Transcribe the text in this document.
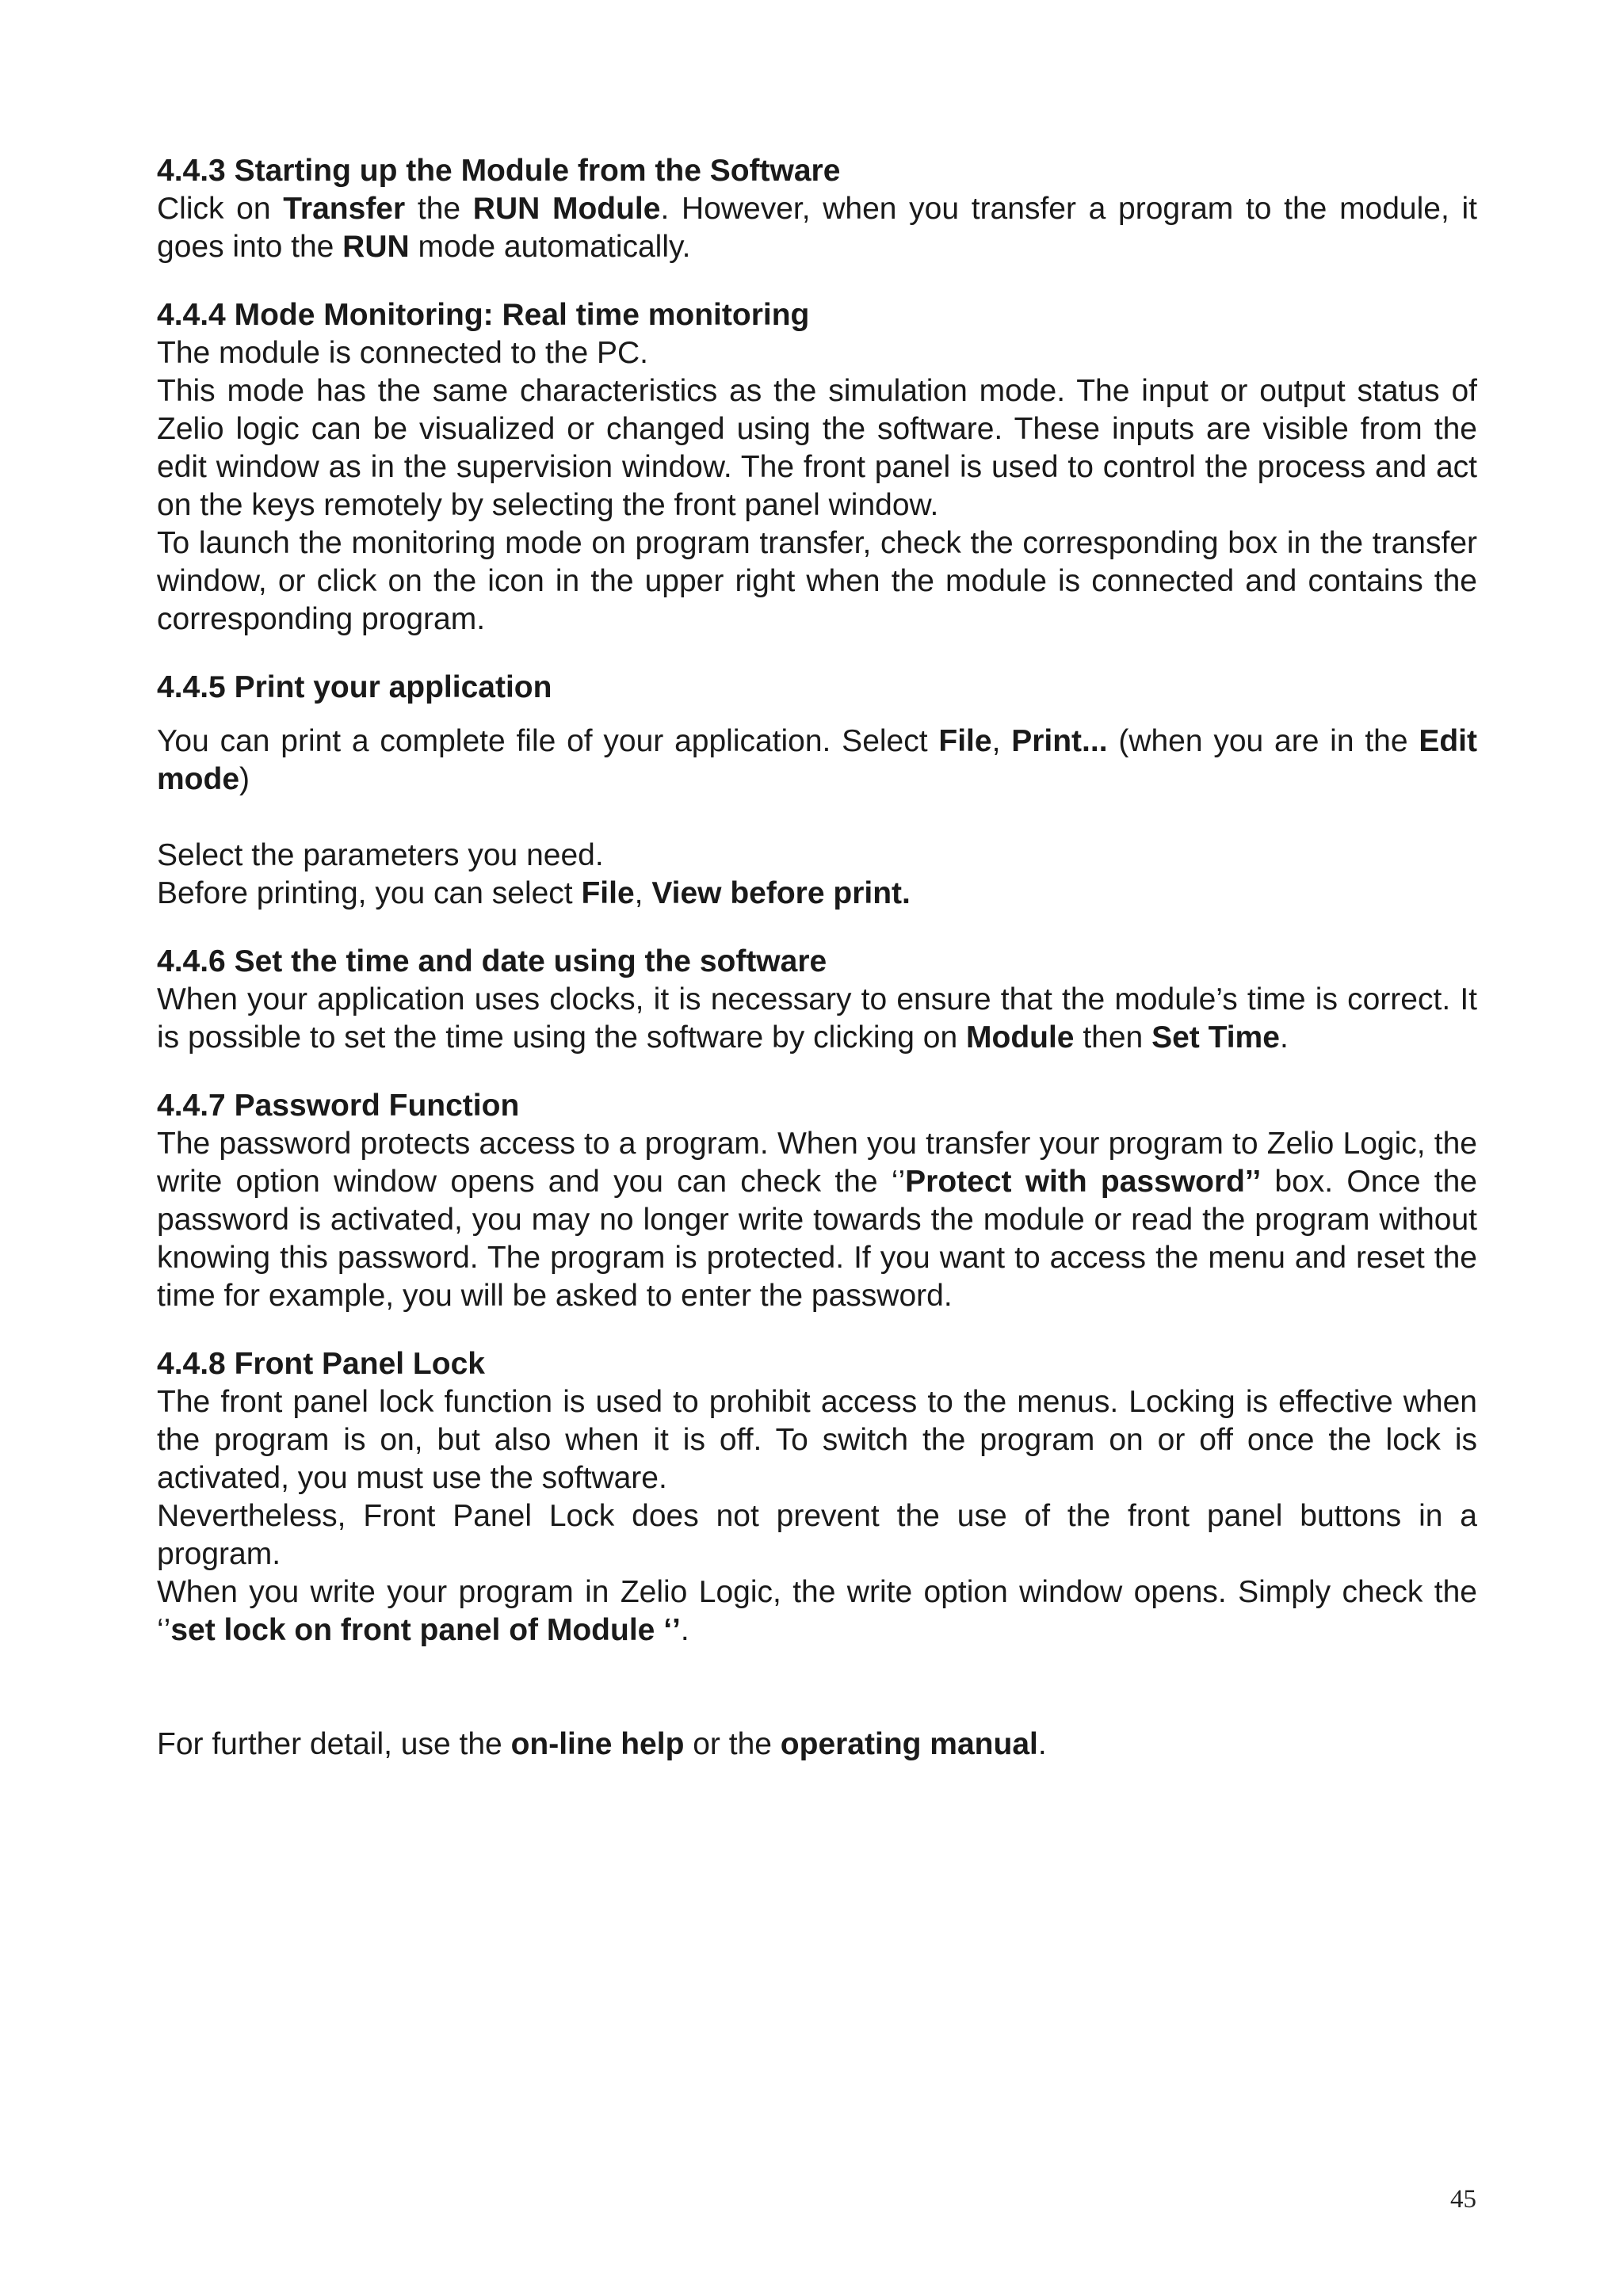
4.4.3 Starting up the Module from the Software

Click on Transfer the RUN Module. However, when you transfer a program to the module, it goes into the RUN mode automatically.

4.4.4 Mode Monitoring: Real time monitoring

The module is connected to the PC.

This mode has the same characteristics as the simulation mode. The input or output status of Zelio logic can be visualized or changed using the software. These inputs are visible from the edit window as in the supervision window. The front panel is used to control the process and act on the keys remotely by selecting the front panel window.

To launch the monitoring mode on program transfer, check the corresponding box in the transfer window, or click on the icon in the upper right when the module is connected and contains the corresponding program.

4.4.5 Print your application

You can print a complete file of your application. Select File, Print... (when you are in the Edit mode)

Select the parameters you need.

Before printing, you can select File, View before print.

4.4.6 Set the time and date using the software

When your application uses clocks, it is necessary to ensure that the module’s time is correct. It is possible to set the time using the software by clicking on Module then Set Time.

4.4.7 Password Function

The password protects access to a program. When you transfer your program to Zelio Logic, the write option window opens and you can check the ‘’Protect with password’’ box. Once the password is activated, you may no longer write towards the module or read the program without knowing this password. The program is protected. If you want to access the menu and reset the time for example, you will be asked to enter the password.

4.4.8 Front Panel Lock

The front panel lock function is used to prohibit access to the menus. Locking is effective when the program is on, but also when it is off. To switch the program on or off once the lock is activated, you must use the software.

Nevertheless, Front Panel Lock does not prevent the use of the front panel buttons in a program.

When you write your program in Zelio Logic, the write option window opens. Simply check the ‘’set lock on front panel of Module ‘’.

For further detail, use the on-line help or the operating manual.

45
